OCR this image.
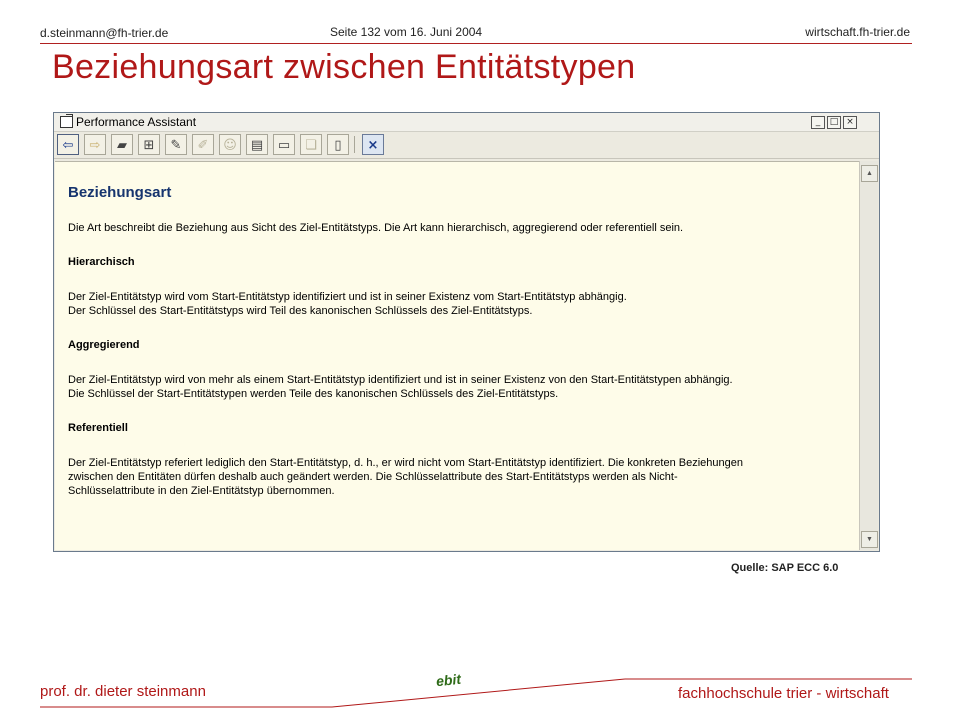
d.steinmann@fh-trier.de	Seite 132 vom 16. Juni 2004	wirtschaft.fh-trier.de
Beziehungsart zwischen Entitätstypen
Performance Assistant	_	□ ×
⇦	⇨	▰	⊞	✎	✐	☺	▤	▭	❏	▯	×
Beziehungsart
Die Art beschreibt die Beziehung aus Sicht des Ziel-Entitätstyps. Die Art kann hierarchisch, aggregierend oder referentiell sein.
Hierarchisch
Der Ziel-Entitätstyp wird vom Start-Entitätstyp identifiziert und ist in seiner Existenz vom Start-Entitätstyp abhängig.
Der Schlüssel des Start-Entitätstyps wird Teil des kanonischen Schlüssels des Ziel-Entitätstyps.
Aggregierend
Der Ziel-Entitätstyp wird von mehr als einem Start-Entitätstyp identifiziert und ist in seiner Existenz von den Start-Entitätstypen abhängig.
Die Schlüssel der Start-Entitätstypen werden Teile des kanonischen Schlüssels des Ziel-Entitätstyps.
Referentiell
Der Ziel-Entitätstyp referiert lediglich den Start-Entitätstyp, d. h., er wird nicht vom Start-Entitätstyp identifiziert. Die konkreten Beziehungen
zwischen den Entitäten dürfen deshalb auch geändert werden. Die Schlüsselattribute des Start-Entitätstyps werden als Nicht-
Schlüsselattribute in den Ziel-Entitätstyp übernommen.
▲
▼
Quelle: SAP ECC 6.0
prof. dr. dieter steinmann
ebit
fachhochschule trier - wirtschaft
